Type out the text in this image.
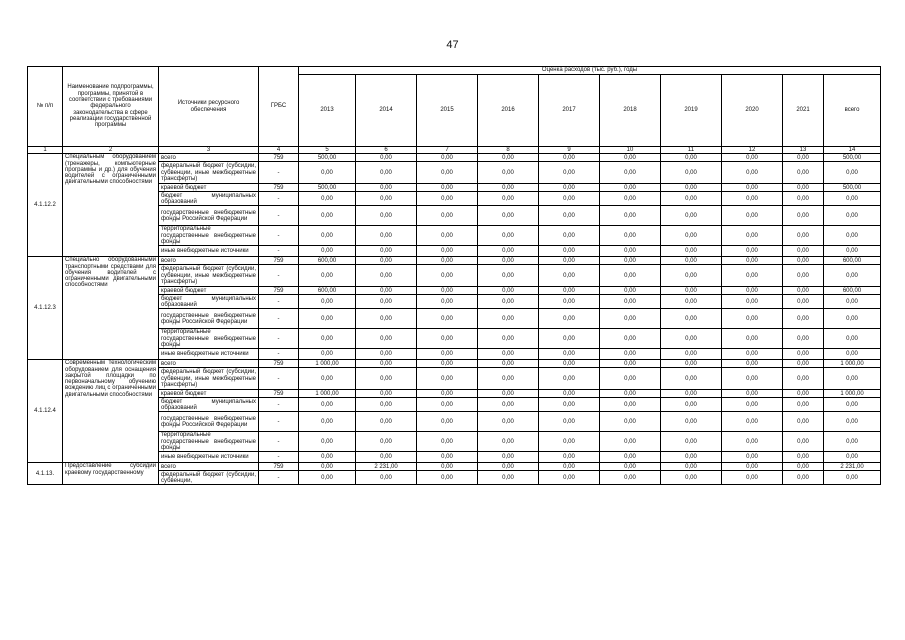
47
№ п/п	Наименование подпрограммы, программы, принятой в соответствии с требованиями федерального законодательства в сфере реализации государственной программы	Источники ресурсного обеспечения	ГРБС	Оценка расходов (тыс. руб.), годы									
				2013	2014	2015	2016	2017	2018	2019	2020	2021	всего
1	2	3	4	5	6	7	8	9	10	11	12	13	14
4.1.12.2	Специальным оборудованием (тренажеры, компьютерные программы и др.) для обучения водителей с ограниченными двигательными способностями	всего	759	500,00	0,00	0,00	0,00	0,00	0,00	0,00	0,00	0,00	500,00
		федеральный бюджет (субсидии, субвенции, иные межбюджетные трансферты)	-	0,00	0,00	0,00	0,00	0,00	0,00	0,00	0,00	0,00	0,00
		краевой бюджет	759	500,00	0,00	0,00	0,00	0,00	0,00	0,00	0,00	0,00	500,00
		бюджет муниципальных образований	-	0,00	0,00	0,00	0,00	0,00	0,00	0,00	0,00	0,00	0,00
		государственные внебюджетные фонды Российской Федерации	-	0,00	0,00	0,00	0,00	0,00	0,00	0,00	0,00	0,00	0,00
		территориальные государственные внебюджетные фонды	-	0,00	0,00	0,00	0,00	0,00	0,00	0,00	0,00	0,00	0,00
		иные внебюджетные источники	-	0,00	0,00	0,00	0,00	0,00	0,00	0,00	0,00	0,00	0,00
4.1.12.3	Специально оборудованными транспортными средствами для обучения водителей с ограниченными двигательными способностями	всего	759	600,00	0,00	0,00	0,00	0,00	0,00	0,00	0,00	0,00	600,00
		федеральный бюджет (субсидии, субвенции, иные межбюджетные трансферты)	-	0,00	0,00	0,00	0,00	0,00	0,00	0,00	0,00	0,00	0,00
		краевой бюджет	759	600,00	0,00	0,00	0,00	0,00	0,00	0,00	0,00	0,00	600,00
		бюджет муниципальных образований	-	0,00	0,00	0,00	0,00	0,00	0,00	0,00	0,00	0,00	0,00
		государственные внебюджетные фонды Российской Федерации	-	0,00	0,00	0,00	0,00	0,00	0,00	0,00	0,00	0,00	0,00
		территориальные государственные внебюджетные фонды	-	0,00	0,00	0,00	0,00	0,00	0,00	0,00	0,00	0,00	0,00
		иные внебюджетные источники	-	0,00	0,00	0,00	0,00	0,00	0,00	0,00	0,00	0,00	0,00
4.1.12.4	Современным технологическим оборудованием для оснащения закрытой площадки по первоначальному обучению вождению лиц с ограниченными двигательными способностями	всего	759	1 000,00	0,00	0,00	0,00	0,00	0,00	0,00	0,00	0,00	1 000,00
		федеральный бюджет (субсидии, субвенции, иные межбюджетные трансферты)	-	0,00	0,00	0,00	0,00	0,00	0,00	0,00	0,00	0,00	0,00
		краевой бюджет	759	1 000,00	0,00	0,00	0,00	0,00	0,00	0,00	0,00	0,00	1 000,00
		бюджет муниципальных образований	-	0,00	0,00	0,00	0,00	0,00	0,00	0,00	0,00	0,00	0,00
		государственные внебюджетные фонды Российской Федерации	-	0,00	0,00	0,00	0,00	0,00	0,00	0,00	0,00	0,00	0,00
		территориальные государственные внебюджетные фонды	-	0,00	0,00	0,00	0,00	0,00	0,00	0,00	0,00	0,00	0,00
		иные внебюджетные источники	-	0,00	0,00	0,00	0,00	0,00	0,00	0,00	0,00	0,00	0,00
4.1.13.	Предоставление субсидий краевому государственному	всего	759	0,00	2 231,00	0,00	0,00	0,00	0,00	0,00	0,00	0,00	2 231,00
		федеральный бюджет (субсидии, субвенции,	-	0,00	0,00	0,00	0,00	0,00	0,00	0,00	0,00	0,00	0,00
